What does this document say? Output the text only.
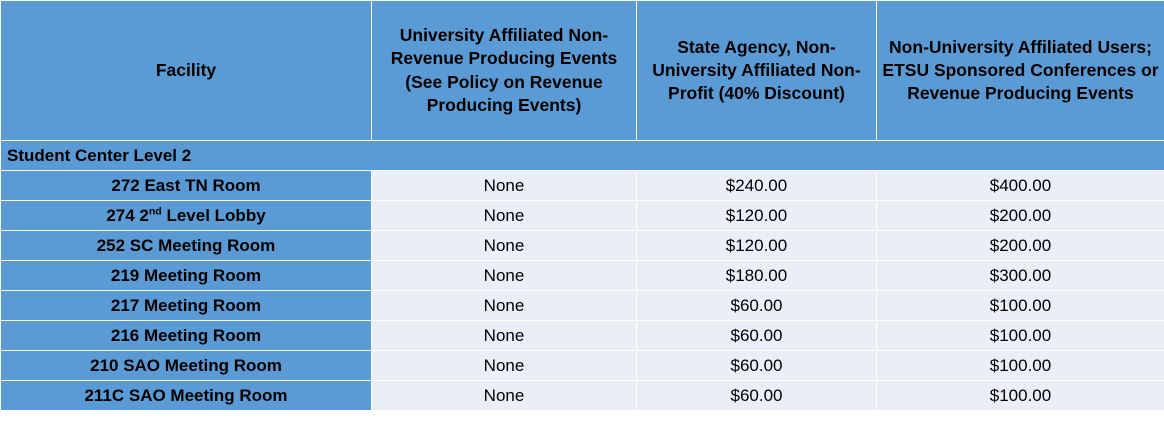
Facility	University Affiliated Non-Revenue Producing Events (See Policy on Revenue Producing Events)	State Agency, Non-University Affiliated Non-Profit (40% Discount)	Non-University Affiliated Users; ETSU Sponsored Conferences or Revenue Producing Events
Student Center Level 2			
272 East TN Room	None	$240.00	$400.00
274 2nd Level Lobby	None	$120.00	$200.00
252 SC Meeting Room	None	$120.00	$200.00
219 Meeting Room	None	$180.00	$300.00
217 Meeting Room	None	$60.00	$100.00
216 Meeting Room	None	$60.00	$100.00
210 SAO Meeting Room	None	$60.00	$100.00
211C SAO Meeting Room	None	$60.00	$100.00
